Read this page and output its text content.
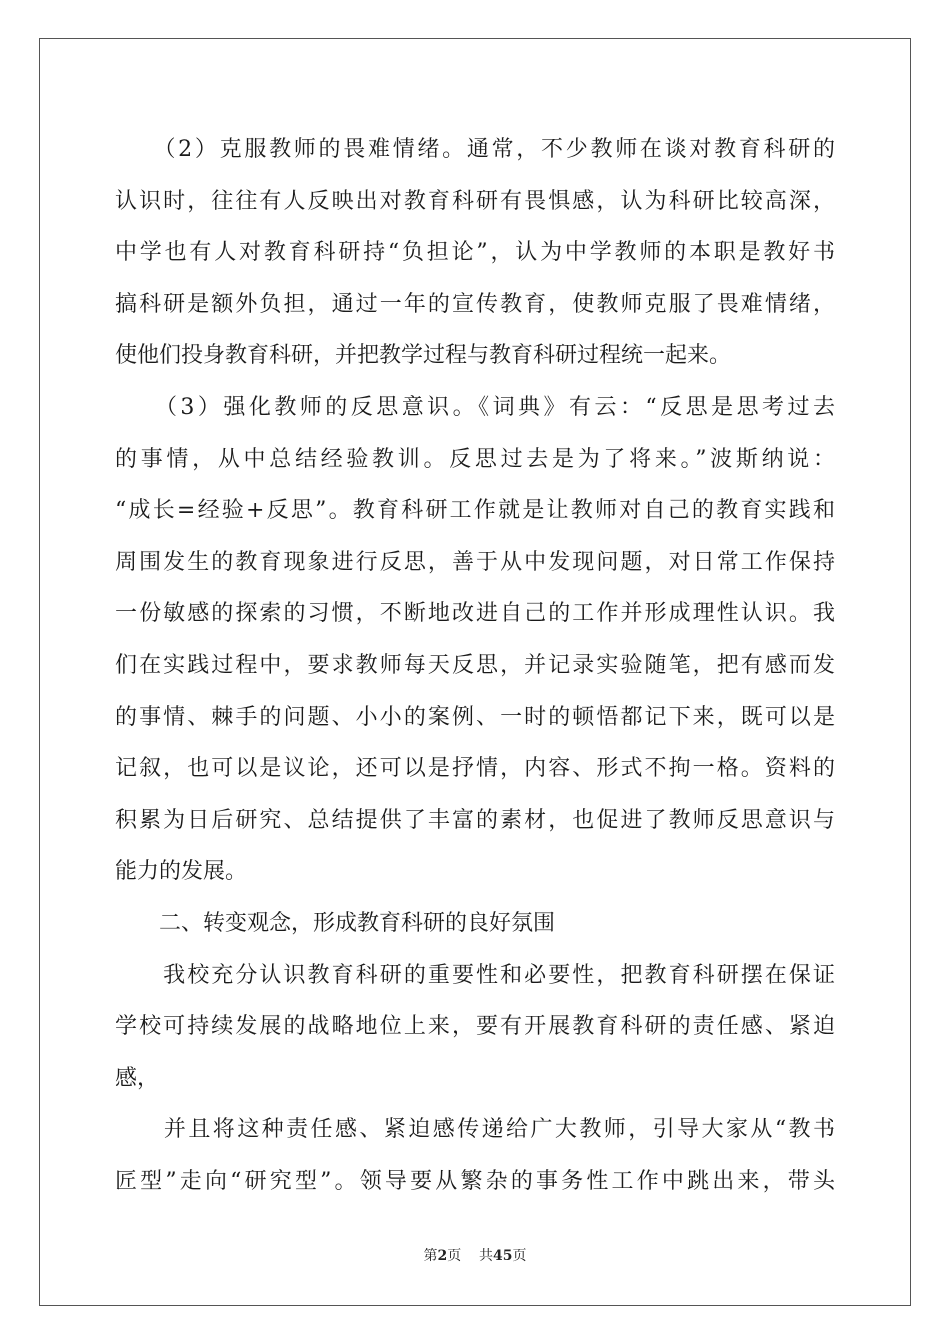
　　（2）克服教师的畏难情绪。通常，不少教师在谈对教育科研的
认识时，往往有人反映出对教育科研有畏惧感，认为科研比较高深，
中学也有人对教育科研持“负担论”，认为中学教师的本职是教好书
搞科研是额外负担，通过一年的宣传教育，使教师克服了畏难情绪，
使他们投身教育科研，并把教学过程与教育科研过程统一起来。
　　（3）强化教师的反思意识。《词典》有云：“反思是思考过去
的事情，从中总结经验教训。反思过去是为了将来。”波斯纳说：
“成长=经验+反思”。教育科研工作就是让教师对自己的教育实践和
周围发生的教育现象进行反思，善于从中发现问题，对日常工作保持
一份敏感的探索的习惯，不断地改进自己的工作并形成理性认识。我
们在实践过程中，要求教师每天反思，并记录实验随笔，把有感而发
的事情、棘手的问题、小小的案例、一时的顿悟都记下来，既可以是
记叙，也可以是议论，还可以是抒情，内容、形式不拘一格。资料的
积累为日后研究、总结提供了丰富的素材，也促进了教师反思意识与
能力的发展。
　　二、转变观念，形成教育科研的良好氛围
　　我校充分认识教育科研的重要性和必要性，把教育科研摆在保证
学校可持续发展的战略地位上来，要有开展教育科研的责任感、紧迫
感，
　　并且将这种责任感、紧迫感传递给广大教师，引导大家从“教书
匠型”走向“研究型”。领导要从繁杂的事务性工作中跳出来，带头
第2页 共45页
